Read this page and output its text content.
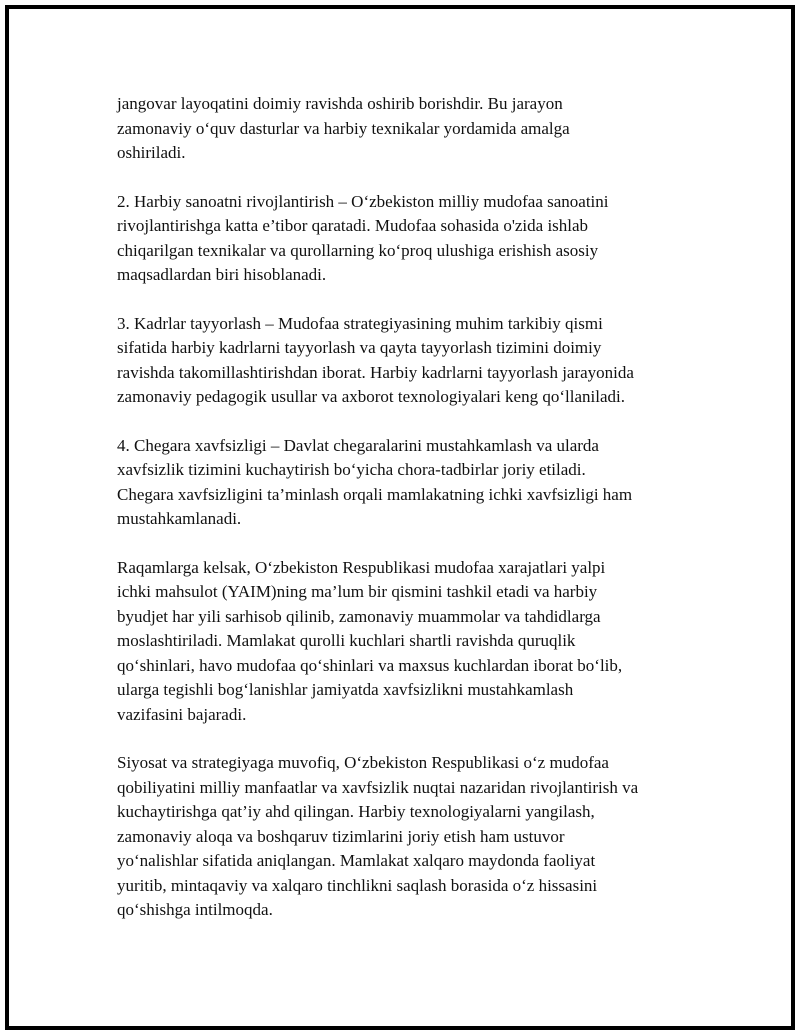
jangovar layoqatini doimiy ravishda oshirib borishdir. Bu jarayon
zamonaviy o‘quv dasturlar va harbiy texnikalar yordamida amalga
oshiriladi.
2. Harbiy sanoatni rivojlantirish – O‘zbekiston milliy mudofaa sanoatini
rivojlantirishga katta e’tibor qaratadi. Mudofaa sohasida o'zida ishlab
chiqarilgan texnikalar va qurollarning ko‘proq ulushiga erishish asosiy
maqsadlardan biri hisoblanadi.
3. Kadrlar tayyorlash – Mudofaa strategiyasining muhim tarkibiy qismi
sifatida harbiy kadrlarni tayyorlash va qayta tayyorlash tizimini doimiy
ravishda takomillashtirishdan iborat. Harbiy kadrlarni tayyorlash jarayonida
zamonaviy pedagogik usullar va axborot texnologiyalari keng qo‘llaniladi.
4. Chegara xavfsizligi – Davlat chegaralarini mustahkamlash va ularda
xavfsizlik tizimini kuchaytirish bo‘yicha chora-tadbirlar joriy etiladi.
Chegara xavfsizligini ta’minlash orqali mamlakatning ichki xavfsizligi ham
mustahkamlanadi.
Raqamlarga kelsak, O‘zbekiston Respublikasi mudofaa xarajatlari yalpi
ichki mahsulot (YAIM)ning ma’lum bir qismini tashkil etadi va harbiy
byudjet har yili sarhisob qilinib, zamonaviy muammolar va tahdidlarga
moslashtiriladi. Mamlakat qurolli kuchlari shartli ravishda quruqlik
qo‘shinlari, havo mudofaa qo‘shinlari va maxsus kuchlardan iborat bo‘lib,
ularga tegishli bog‘lanishlar jamiyatda xavfsizlikni mustahkamlash
vazifasini bajaradi.
Siyosat va strategiyaga muvofiq, O‘zbekiston Respublikasi o‘z mudofaa
qobiliyatini milliy manfaatlar va xavfsizlik nuqtai nazaridan rivojlantirish va
kuchaytirishga qat’iy ahd qilingan. Harbiy texnologiyalarni yangilash,
zamonaviy aloqa va boshqaruv tizimlarini joriy etish ham ustuvor
yo‘nalishlar sifatida aniqlangan. Mamlakat xalqaro maydonda faoliyat
yuritib, mintaqaviy va xalqaro tinchlikni saqlash borasida o‘z hissasini
qo‘shishga intilmoqda.
